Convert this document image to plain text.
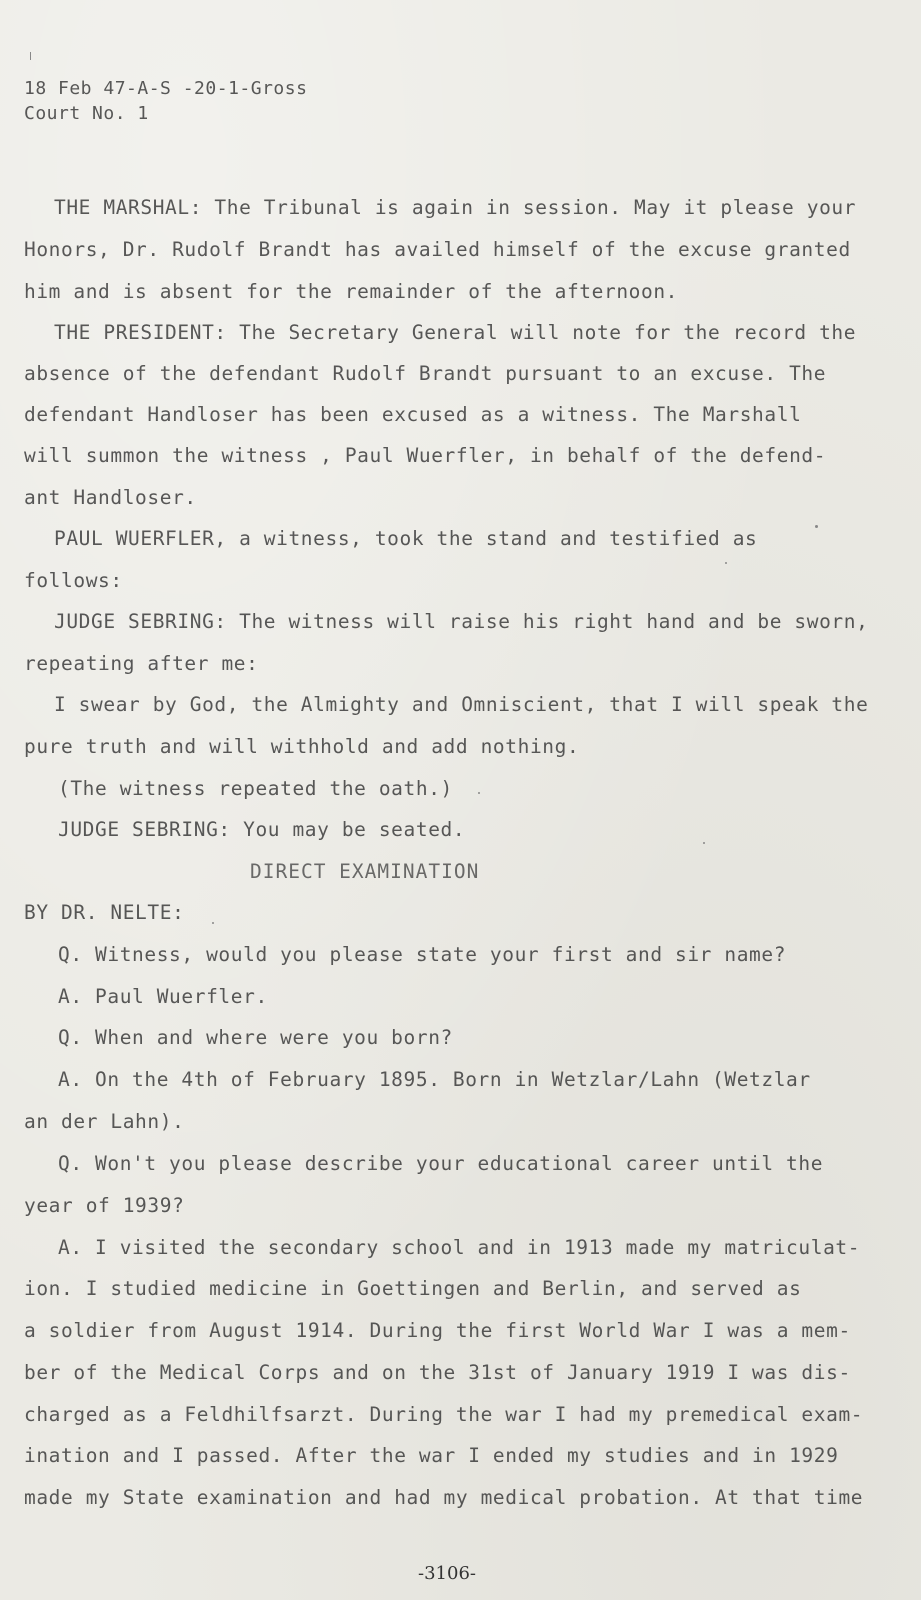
18 Feb 47-A-S -20-1-Gross

Court No. 1

THE MARSHAL: The Tribunal is again in session. May it please your

Honors, Dr. Rudolf Brandt has availed himself of the excuse granted

him and is absent for the remainder of the afternoon.

THE PRESIDENT: The Secretary General will note for the record the

absence of the defendant Rudolf Brandt pursuant to an excuse. The

defendant Handloser has been excused as a witness. The Marshall

will summon the witness , Paul Wuerfler, in behalf of the defend-

ant Handloser.

PAUL WUERFLER, a witness, took the stand and testified as

follows:

JUDGE SEBRING: The witness will raise his right hand and be sworn,

repeating after me:

I swear by God, the Almighty and Omniscient, that I will speak the

pure truth and will withhold and add nothing.

(The witness repeated the oath.)

JUDGE SEBRING: You may be seated.

DIRECT EXAMINATION

BY DR. NELTE:

Q. Witness, would you please state your first and sir name?

A. Paul Wuerfler.

Q. When and where were you born?

A. On the 4th of February 1895. Born in Wetzlar/Lahn (Wetzlar

an der Lahn).

Q. Won't you please describe your educational career until the

year of 1939?

A. I visited the secondary school and in 1913 made my matriculat-

ion. I studied medicine in Goettingen and Berlin, and served as

a soldier from August 1914. During the first World War I was a mem-

ber of the Medical Corps and on the 31st of January 1919 I was dis-

charged as a Feldhilfsarzt. During the war I had my premedical exam-

ination and I passed. After the war I ended my studies and in 1929

made my State examination and had my medical probation. At that time

-3106-
